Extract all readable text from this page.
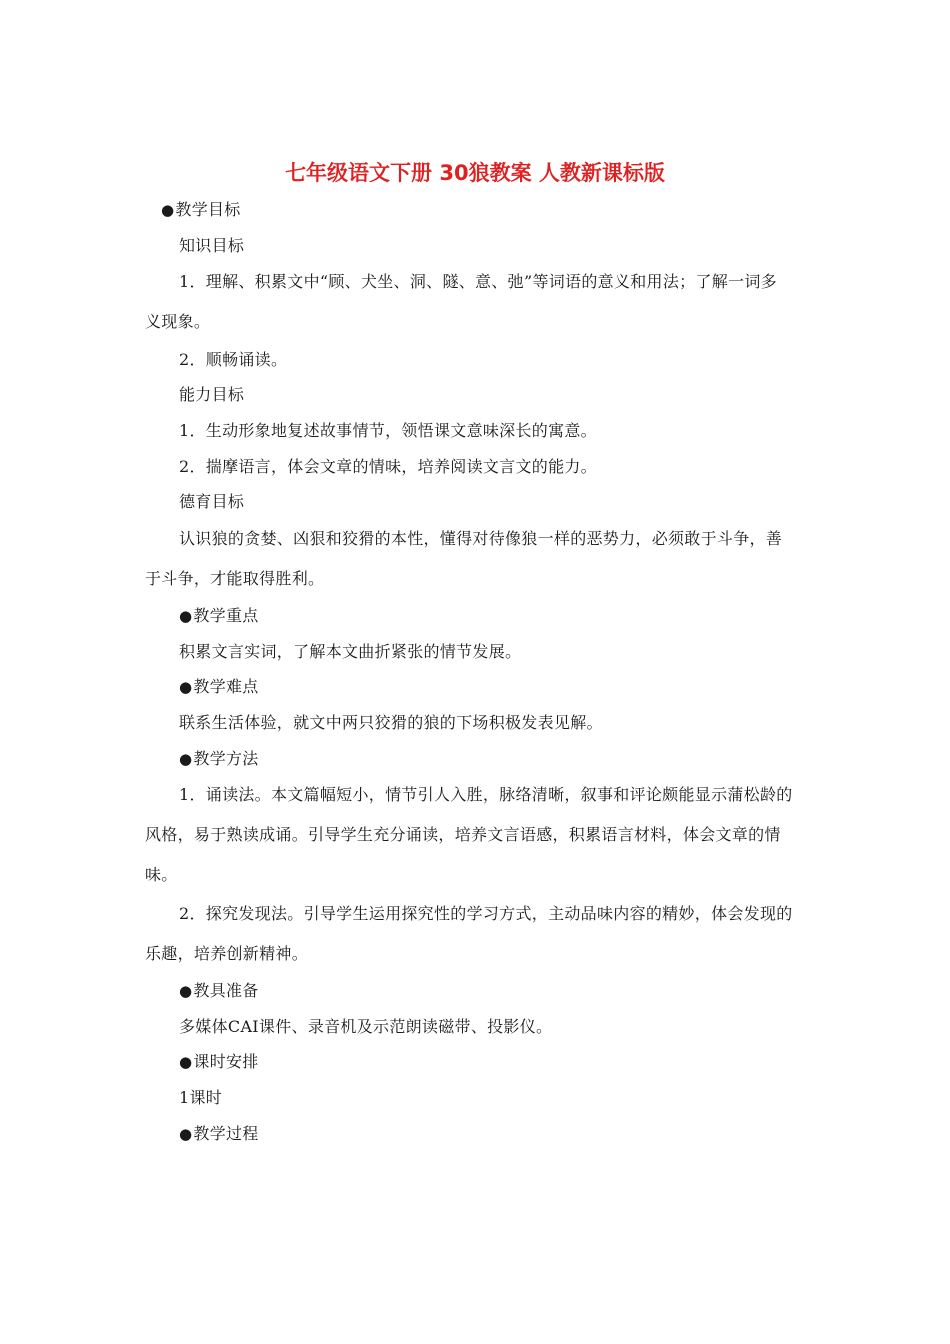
七年级语文下册 30狼教案 人教新课标版
●教学目标
知识目标
1．理解、积累文中“顾、犬坐、洞、隧、意、弛”等词语的意义和用法；了解一词多
义现象。
2．顺畅诵读。
能力目标
1．生动形象地复述故事情节，领悟课文意味深长的寓意。
2．揣摩语言，体会文章的情味，培养阅读文言文的能力。
德育目标
认识狼的贪婪、凶狠和狡猾的本性，懂得对待像狼一样的恶势力，必须敢于斗争，善
于斗争，才能取得胜利。
●教学重点
积累文言实词，了解本文曲折紧张的情节发展。
●教学难点
联系生活体验，就文中两只狡猾的狼的下场积极发表见解。
●教学方法
1．诵读法。本文篇幅短小，情节引人入胜，脉络清晰，叙事和评论颇能显示蒲松龄的
风格，易于熟读成诵。引导学生充分诵读，培养文言语感，积累语言材料，体会文章的情
味。
2．探究发现法。引导学生运用探究性的学习方式，主动品味内容的精妙，体会发现的
乐趣，培养创新精神。
●教具准备
多媒体CAI课件、录音机及示范朗读磁带、投影仪。
●课时安排
1课时
●教学过程
